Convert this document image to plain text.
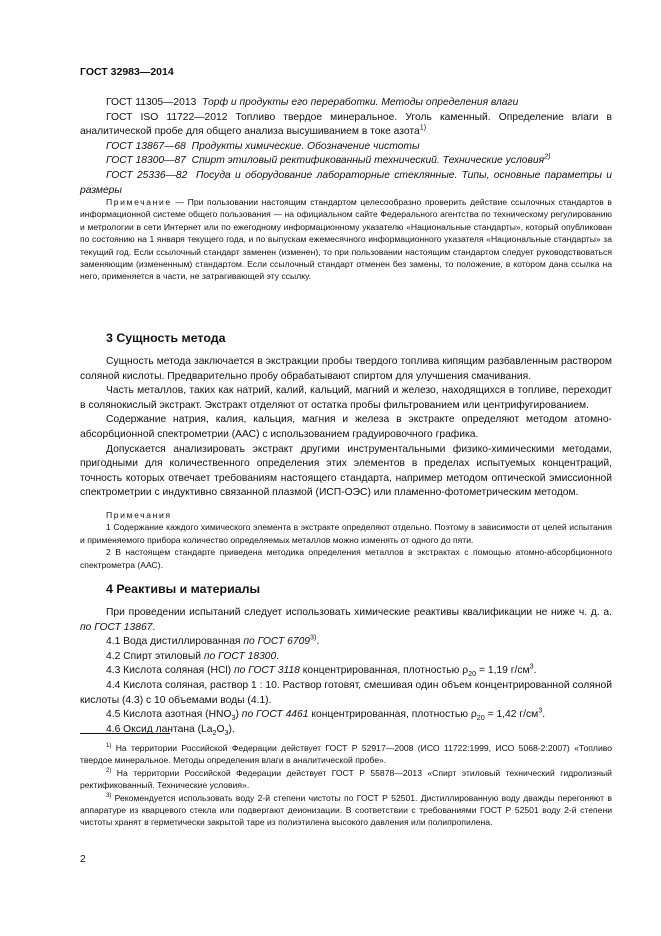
ГОСТ 32983—2014

ГОСТ 11305—2013 Торф и продукты его переработки. Методы определения влаги

ГОСТ ISO 11722—2012 Топливо твердое минеральное. Уголь каменный. Определение влаги в аналитической пробе для общего анализа высушиванием в токе азота$^{1)}$

ГОСТ 13867—68 Продукты химические. Обозначение чистоты

ГОСТ 18300—87 Спирт этиловый ректификованный технический. Технические условия$^{2)}$

ГОСТ 25336—82 Посуда и оборудование лабораторные стеклянные. Типы, основные параметры и размеры

Примечание — При пользовании настоящим стандартом целесообразно проверить действие ссылочных стандартов в информационной системе общего пользования — на официальном сайте Федерального агентства по техническому регулированию и метрологии в сети Интернет или по ежегодному информационному указателю «Национальные стандарты», который опубликован по состоянию на 1 января текущего года, и по выпускам ежемесячного информационного указателя «Национальные стандарты» за текущий год. Если ссылочный стандарт заменен (изменен), то при пользовании настоящим стандартом следует руководствоваться заменяющим (измененным) стандартом. Если ссылочный стандарт отменен без замены, то положение, в котором дана ссылка на него, применяется в части, не затрагивающей эту ссылку.

3 Сущность метода

Сущность метода заключается в экстракции пробы твердого топлива кипящим разбавленным раствором соляной кислоты. Предварительно пробу обрабатывают спиртом для улучшения смачивания.

Часть металлов, таких как натрий, калий, кальций, магний и железо, находящихся в топливе, переходит в солянокислый экстракт. Экстракт отделяют от остатка пробы фильтрованием или центрифугированием.

Содержание натрия, калия, кальция, магния и железа в экстракте определяют методом атомно-абсорбционной спектрометрии (ААС) с использованием градуировочного графика.

Допускается анализировать экстракт другими инструментальными физико-химическими методами, пригодными для количественного определения этих элементов в пределах испытуемых концентраций, точность которых отвечает требованиям настоящего стандарта, например методом оптической эмиссионной спектрометрии с индуктивно связанной плазмой (ИСП-ОЭС) или пламенно-фотометрическим методом.

Примечания

1 Содержание каждого химического элемента в экстракте определяют отдельно. Поэтому в зависимости от целей испытания и применяемого прибора количество определяемых металлов можно изменять от одного до пяти.

2 В настоящем стандарте приведена методика определения металлов в экстрактах с помощью атомно-абсорбционного спектрометра (ААС).

4 Реактивы и материалы

При проведении испытаний следует использовать химические реактивы квалификации не ниже ч. д. а. по ГОСТ 13867.

4.1 Вода дистиллированная по ГОСТ 6709$^{3)}$.

4.2 Спирт этиловый по ГОСТ 18300.

4.3 Кислота соляная (HCl) по ГОСТ 3118 концентрированная, плотностью $\rho_{20} = 1,19$ $г/см^3$.

4.4 Кислота соляная, раствор 1 : 10. Раствор готовят, смешивая один объем концентрированной соляной кислоты (4.3) с 10 объемами воды (4.1).

4.5 Кислота азотная $(HNO_3)$ по ГОСТ 4461 концентрированная, плотностью $\rho_{20} = 1,42$ $г/см^3$.

4.6 Оксид лантана $(La_2O_3)$.

$^{1)}$ На территории Российской Федерации действует ГОСТ Р 52917—2008 (ИСО 11722:1999, ИСО 5068-2:2007) «Топливо твердое минеральное. Методы определения влаги в аналитической пробе».

$^{2)}$ На территории Российской Федерации действует ГОСТ Р 55878—2013 «Спирт этиловый технический гидролизный ректификованный. Технические условия».

$^{3)}$ Рекомендуется использовать воду 2-й степени чистоты по ГОСТ Р 52501. Дистиллированную воду дважды перегоняют в аппаратуре из кварцевого стекла или подвергают деионизации. В соответствии с требованиями ГОСТ Р 52501 воду 2-й степени чистоты хранят в герметически закрытой таре из полиэтилена высокого давления или полипропилена.

2
